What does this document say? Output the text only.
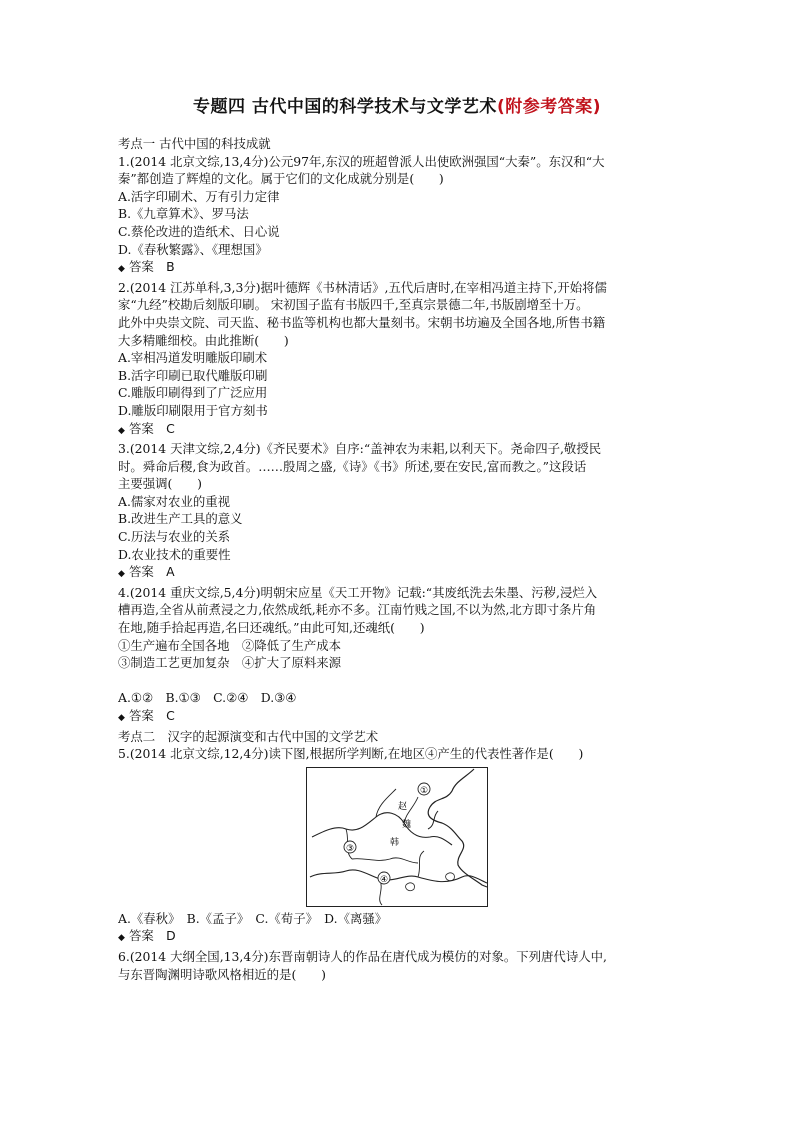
专题四 古代中国的科学技术与文学艺术(附参考答案)
考点一 古代中国的科技成就
1.(2014 北京文综,13,4分)公元97年,东汉的班超曾派人出使欧洲强国“大秦”。东汉和“大
秦”都创造了辉煌的文化。属于它们的文化成就分别是(　　)
A.活字印刷术、万有引力定律
B.《九章算术》、罗马法
C.蔡伦改进的造纸术、日心说
D.《春秋繁露》、《理想国》
◆ 答案　B
2.(2014 江苏单科,3,3分)据叶德辉《书林清话》,五代后唐时,在宰相冯道主持下,开始将儒
家“九经”校勘后刻版印刷。 宋初国子监有书版四千,至真宗景德二年,书版剧增至十万。
此外中央崇文院、司天监、秘书监等机构也都大量刻书。宋朝书坊遍及全国各地,所售书籍
大多精雕细校。由此推断(　　)
A.宰相冯道发明雕版印刷术
B.活字印刷已取代雕版印刷
C.雕版印刷得到了广泛应用
D.雕版印刷限用于官方刻书
◆ 答案　C
3.(2014 天津文综,2,4分)《齐民要术》自序:“盖神农为耒耜,以利天下。尧命四子,敬授民
时。舜命后稷,食为政首。……殷周之盛,《诗》《书》所述,要在安民,富而教之。”这段话
主要强调(　　)
A.儒家对农业的重视
B.改进生产工具的意义
C.历法与农业的关系
D.农业技术的重要性
◆ 答案　A
4.(2014 重庆文综,5,4分)明朝宋应星《天工开物》记载:“其废纸洗去朱墨、污秽,浸烂入
槽再造,全省从前煮浸之力,依然成纸,耗亦不多。江南竹贱之国,不以为然,北方即寸条片角
在地,随手拾起再造,名曰还魂纸。”由此可知,还魂纸(　　)
①生产遍布全国各地　②降低了生产成本
③制造工艺更加复杂　④扩大了原料来源
A.①②　B.①③　C.②④　D.③④
◆ 答案　C
考点二　汉字的起源演变和古代中国的文学艺术
5.(2014 北京文综,12,4分)读下图,根据所学判断,在地区④产生的代表性著作是(　　)
①
③
④
赵
魏
韩
A.《春秋》　B.《孟子》　C.《荀子》　D.《离骚》
◆ 答案　D
6.(2014 大纲全国,13,4分)东晋南朝诗人的作品在唐代成为模仿的对象。下列唐代诗人中,
与东晋陶渊明诗歌风格相近的是(　　)
